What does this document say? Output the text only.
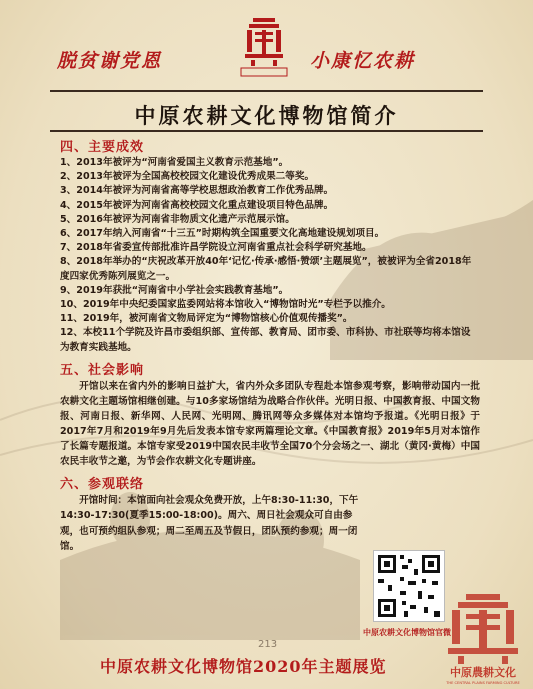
脱贫谢党恩	小康忆农耕
中原农耕文化博物馆简介
四、主要成效
1、2013年被评为“河南省爱国主义教育示范基地”。
2、2013年被评为全国高校校园文化建设优秀成果二等奖。
3、2014年被评为河南省高等学校思想政治教育工作优秀品牌。
4、2015年被评为河南省高校校园文化重点建设项目特色品牌。
5、2016年被评为河南省非物质文化遗产示范展示馆。
6、2017年纳入河南省“十三五”时期构筑全国重要文化高地建设规划项目。
7、2018年省委宣传部批准许昌学院设立河南省重点社会科学研究基地。
8、2018年举办的“庆祝改革开放40年‘记忆·传承·感悟·赞颂’主题展览”，被被评为全省2018年度四家优秀陈列展览之一。
9、2019年获批“河南省中小学社会实践教育基地”。
10、2019年中央纪委国家监委网站将本馆收入“博物馆时光”专栏予以推介。
11、2019年，被河南省文物局评定为“博物馆核心价值观传播奖”。
12、本校11个学院及许昌市委组织部、宣传部、教育局、团市委、市科协、市社联等均将本馆设为教育实践基地。
五、社会影响
开馆以来在省内外的影响日益扩大，省内外众多团队专程赴本馆参观考察，影响带动国内一批农耕文化主题场馆相继创建。与10多家场馆结为战略合作伙伴。光明日报、中国教育报、中国文物报、河南日报、新华网、人民网、光明网、腾讯网等众多媒体对本馆均予报道。《光明日报》于2017年7月和2019年9月先后发表本馆专家两篇理论文章。《中国教育报》2019年5月对本馆作了长篇专题报道。本馆专家受2019中国农民丰收节全国70个分会场之一、湖北（黄冈·黄梅）中国农民丰收节之邀，为节会作农耕文化专题讲座。
六、参观联络
开馆时间：本馆面向社会观众免费开放，上午8:30-11:30，下午14:30-17:30(夏季15:00-18:00)。周六、周日社会观众可自由参观，也可预约组队参观；周二至周五及节假日，团队预约参观；周一闭馆。
中原农耕文化博物馆官微
213
中原农耕文化博物馆2020年主题展览	中原農耕文化
THE CENTRAL PLAINS FARMING CULTURE
